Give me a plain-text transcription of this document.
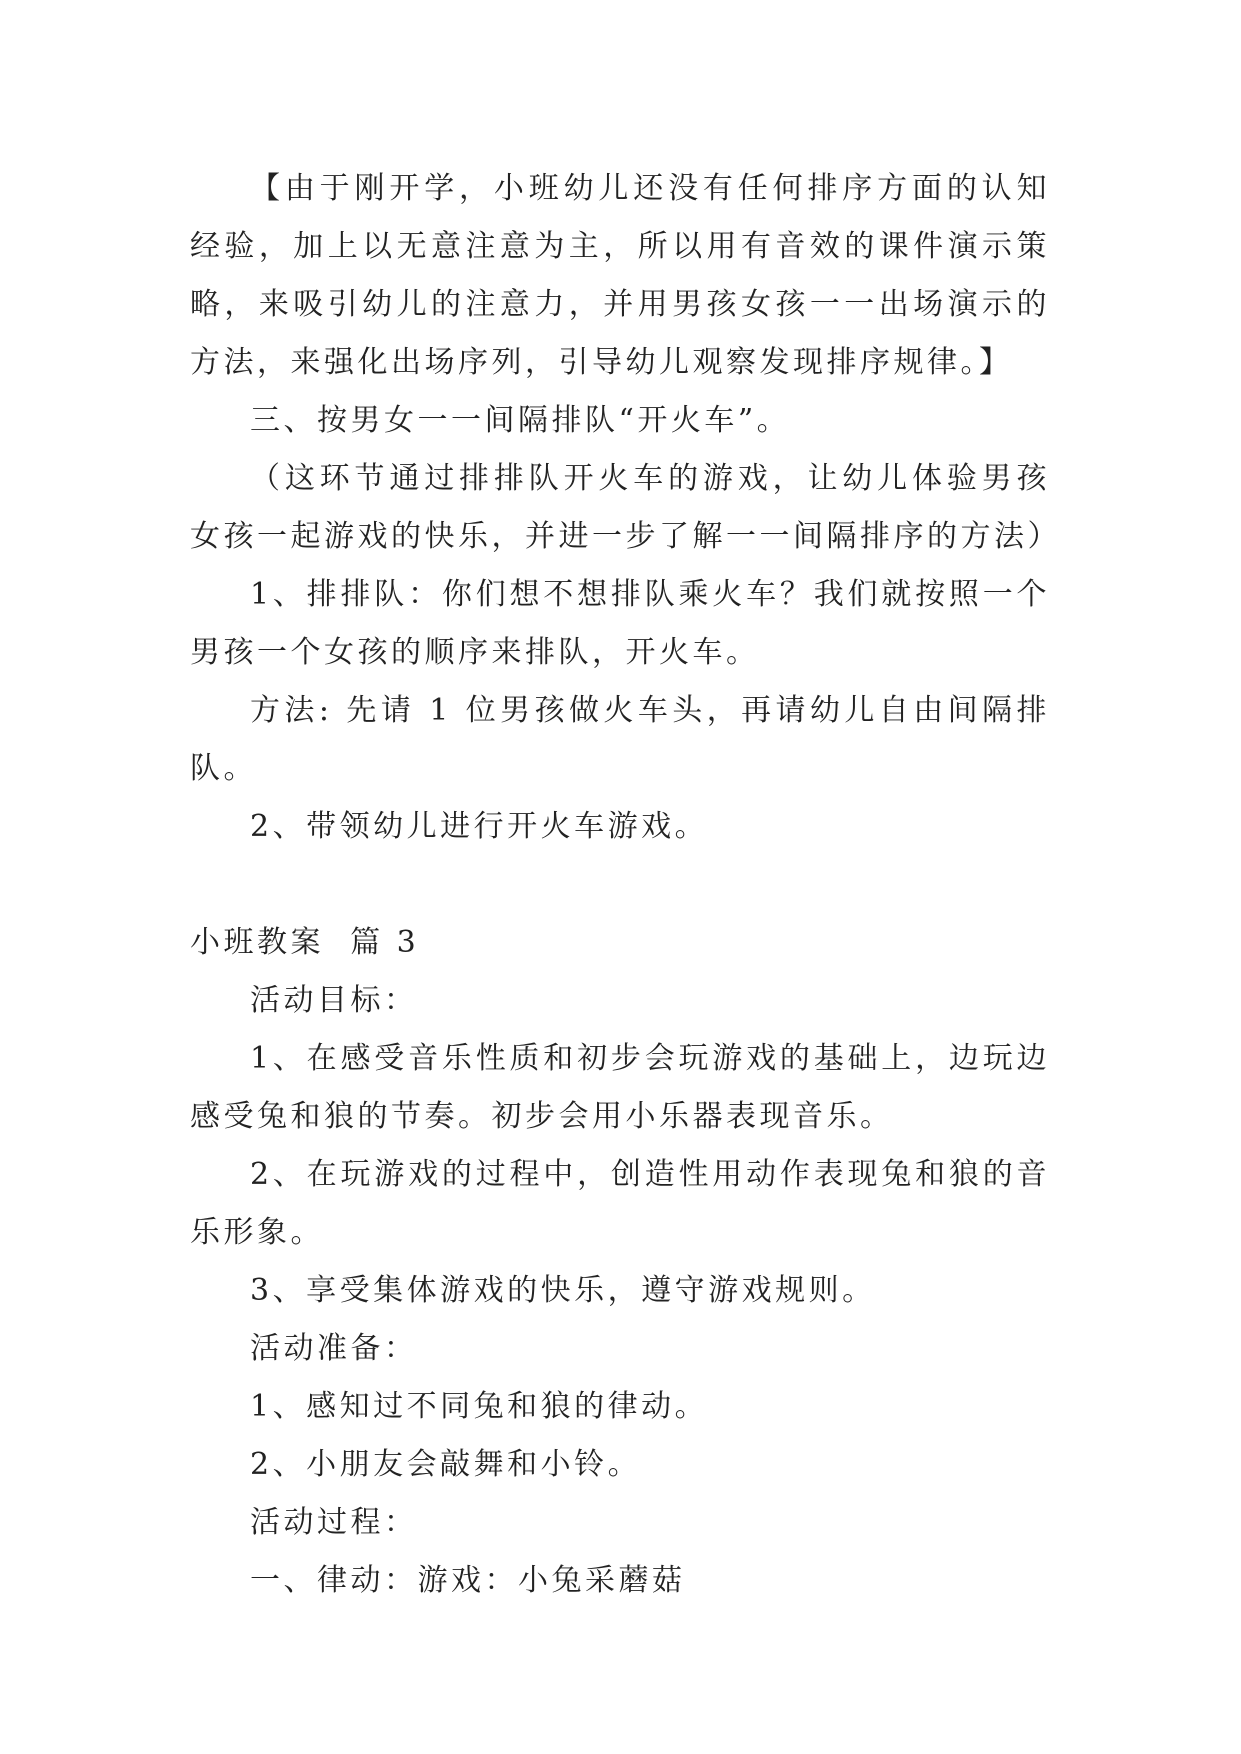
【由于刚开学，小班幼儿还没有任何排序方面的认知经验，加上以无意注意为主，所以用有音效的课件演示策略，来吸引幼儿的注意力，并用男孩女孩一一出场演示的方法，来强化出场序列，引导幼儿观察发现排序规律。】

三、按男女一一间隔排队“开火车”。

（这环节通过排排队开火车的游戏，让幼儿体验男孩女孩一起游戏的快乐，并进一步了解一一间隔排序的方法）

1、排排队：你们想不想排队乘火车？我们就按照一个男孩一个女孩的顺序来排队，开火车。

方法: 先请 1 位男孩做火车头，再请幼儿自由间隔排队。

2、带领幼儿进行开火车游戏。

小班教案  篇 3

活动目标：

1、在感受音乐性质和初步会玩游戏的基础上，边玩边感受兔和狼的节奏。初步会用小乐器表现音乐。

2、在玩游戏的过程中，创造性用动作表现兔和狼的音乐形象。

3、享受集体游戏的快乐，遵守游戏规则。

活动准备：

1、感知过不同兔和狼的律动。

2、小朋友会敲舞和小铃。

活动过程：

一、律动：游戏：小兔采蘑菇
